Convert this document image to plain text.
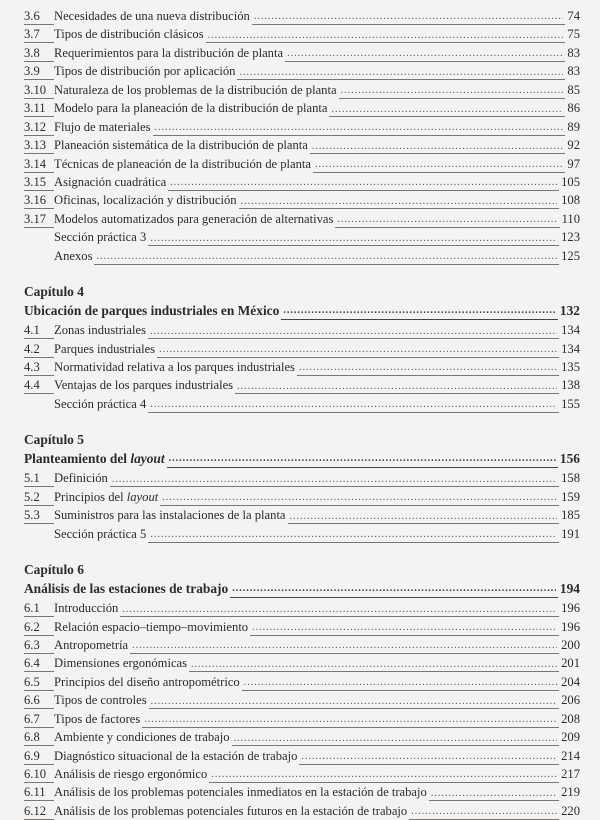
3.6	Necesidades de una nueva distribución .....	74
3.7	Tipos de distribución clásicos .....	75
3.8	Requerimientos para la distribución de planta .....	83
3.9	Tipos de distribución por aplicación .....	83
3.10 Naturaleza de los problemas de la distribución de planta .....	85
3.11 Modelo para la planeación de la distribución de planta .....	86
3.12 Flujo de materiales .....	89
3.13 Planeación sistemática de la distribución de planta .....	92
3.14 Técnicas de planeación de la distribución de planta .....	97
3.15 Asignación cuadrática .....	105
3.16 Oficinas, localización y distribución .....	108
3.17 Modelos automatizados para generación de alternativas .....	110
Sección práctica 3 .....	123
Anexos .....	125
Capítulo 4
Ubicación de parques industriales en México .....	132
4.1	Zonas industriales .....	134
4.2	Parques industriales .....	134
4.3	Normatividad relativa a los parques industriales .....	135
4.4	Ventajas de los parques industriales .....	138
Sección práctica 4 .....	155
Capítulo 5
Planteamiento del layout .....	156
5.1	Definición .....	158
5.2	Principios del layout .....	159
5.3	Suministros para las instalaciones de la planta .....	185
Sección práctica 5 .....	191
Capítulo 6
Análisis de las estaciones de trabajo .....	194
6.1	Introducción .....	196
6.2	Relación espacio–tiempo–movimiento .....	196
6.3	Antropometría .....	200
6.4	Dimensiones ergonómicas .....	201
6.5	Principios del diseño antropométrico .....	204
6.6	Tipos de controles .....	206
6.7	Tipos de factores .....	208
6.8	Ambiente y condiciones de trabajo .....	209
6.9	Diagnóstico situacional de la estación de trabajo .....	214
6.10 Análisis de riesgo ergonómico .....	217
6.11 Análisis de los problemas potenciales inmediatos en la estación de trabajo .....	219
6.12 Análisis de los problemas potenciales futuros en la estación de trabajo .....	220
